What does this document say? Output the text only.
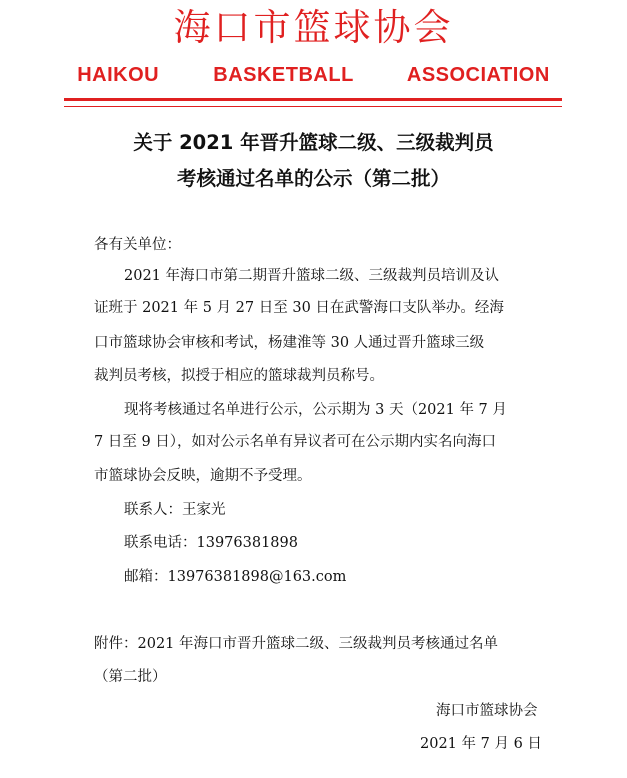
海口市篮球协会
HAIKOU   BASKETBALL   ASSOCIATION
关于 2021 年晋升篮球二级、三级裁判员
考核通过名单的公示（第二批）
各有关单位：
2021 年海口市第二期晋升篮球二级、三级裁判员培训及认
证班于 2021 年 5 月 27 日至 30 日在武警海口支队举办。经海
口市篮球协会审核和考试，杨建淮等 30 人通过晋升篮球三级
裁判员考核，拟授于相应的篮球裁判员称号。
现将考核通过名单进行公示，公示期为 3 天（2021 年 7 月
7 日至 9 日），如对公示名单有异议者可在公示期内实名向海口
市篮球协会反映，逾期不予受理。
联系人：王家光
联系电话：13976381898
邮箱：13976381898@163.com
附件：2021 年海口市晋升篮球二级、三级裁判员考核通过名单
（第二批）
海口市篮球协会
2021 年 7 月 6 日
